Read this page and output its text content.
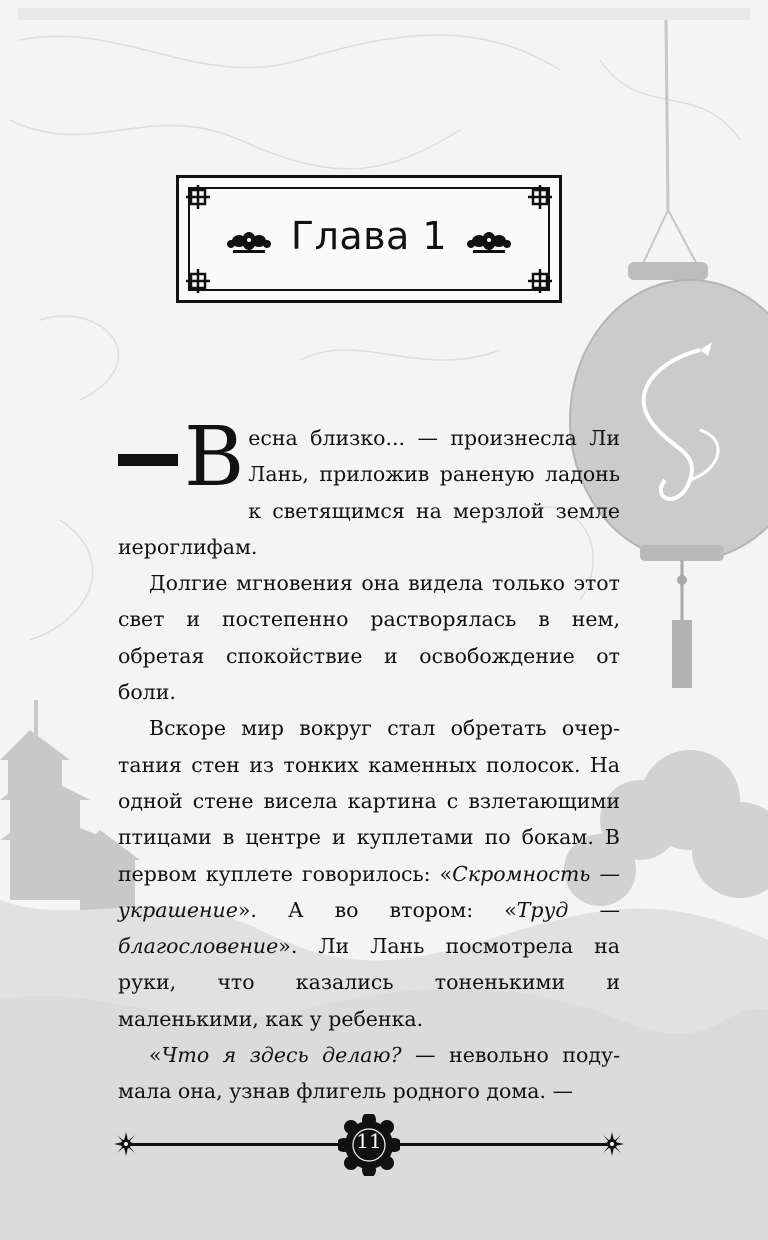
Глава 1

В есна близко... — произнесла Ли Лань, приложив раненую ладонь к светящимся на мерзлой земле иероглифам.

Долгие мгновения она видела только этот свет и постепенно растворялась в нем, обретая спокойствие и освобождение от боли.

Вскоре мир вокруг стал обретать очертания стен из тонких каменных полосок. На одной стене висела картина с взлетающими птицами в центре и куплетами по бокам. В первом куплете говорилось: «Скромность — украшение». А во втором: «Труд — благословение». Ли Лань посмотрела на руки, что казались тоненькими и маленькими, как у ребенка.

«Что я здесь делаю? — невольно подумала она, узнав флигель родного дома. —

11
